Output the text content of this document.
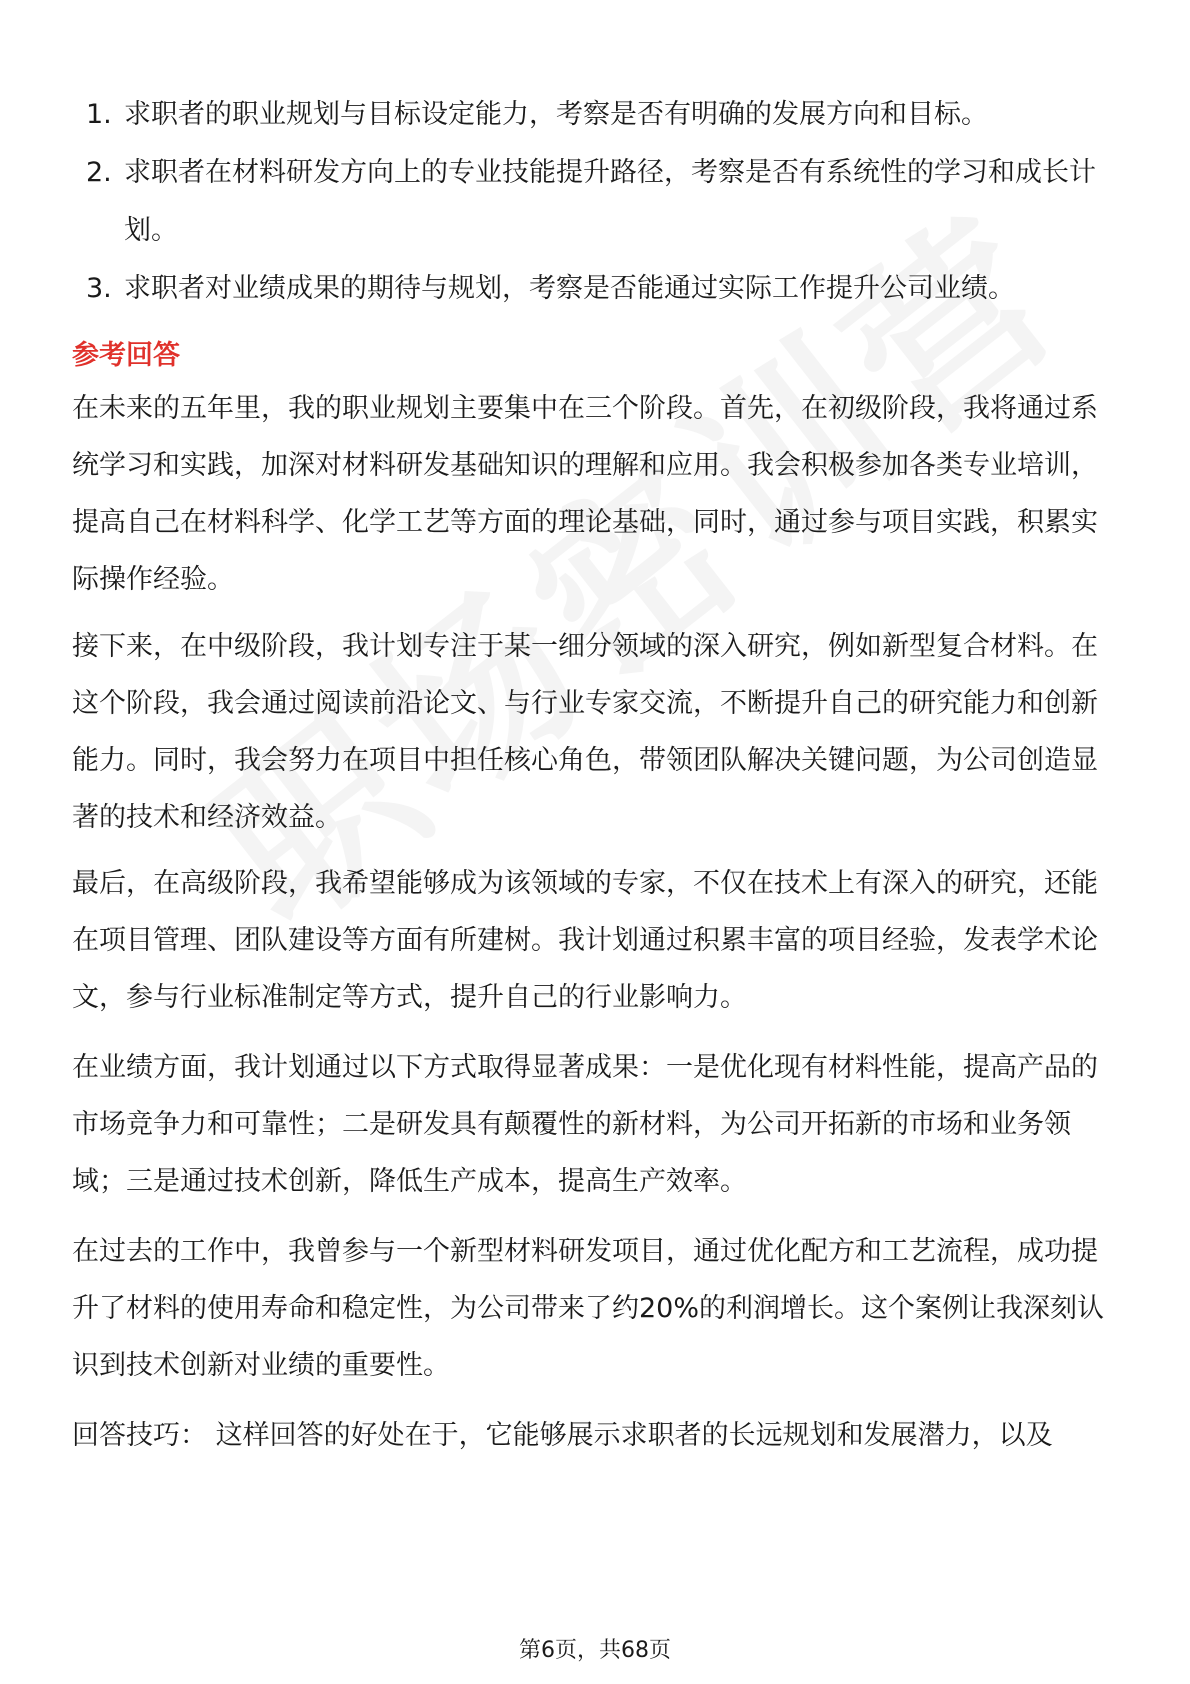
1. 求职者的职业规划与目标设定能力，考察是否有明确的发展方向和目标。
2. 求职者在材料研发方向上的专业技能提升路径，考察是否有系统性的学习和成长计划。
3. 求职者对业绩成果的期待与规划，考察是否能通过实际工作提升公司业绩。
参考回答

在未来的五年里，我的职业规划主要集中在三个阶段。首先，在初级阶段，我将通过系统学习和实践，加深对材料研发基础知识的理解和应用。我会积极参加各类专业培训，提高自己在材料科学、化学工艺等方面的理论基础，同时，通过参与项目实践，积累实际操作经验。

接下来，在中级阶段，我计划专注于某一细分领域的深入研究，例如新型复合材料。在这个阶段，我会通过阅读前沿论文、与行业专家交流，不断提升自己的研究能力和创新能力。同时，我会努力在项目中担任核心角色，带领团队解决关键问题，为公司创造显著的技术和经济效益。

最后，在高级阶段，我希望能够成为该领域的专家，不仅在技术上有深入的研究，还能在项目管理、团队建设等方面有所建树。我计划通过积累丰富的项目经验，发表学术论文，参与行业标准制定等方式，提升自己的行业影响力。

在业绩方面，我计划通过以下方式取得显著成果：一是优化现有材料性能，提高产品的市场竞争力和可靠性；二是研发具有颠覆性的新材料，为公司开拓新的市场和业务领域；三是通过技术创新，降低生产成本，提高生产效率。

在过去的工作中，我曾参与一个新型材料研发项目，通过优化配方和工艺流程，成功提升了材料的使用寿命和稳定性，为公司带来了约20%的利润增长。这个案例让我深刻认识到技术创新对业绩的重要性。

回答技巧： 这样回答的好处在于，它能够展示求职者的长远规划和发展潜力，以及

第6页，共68页
